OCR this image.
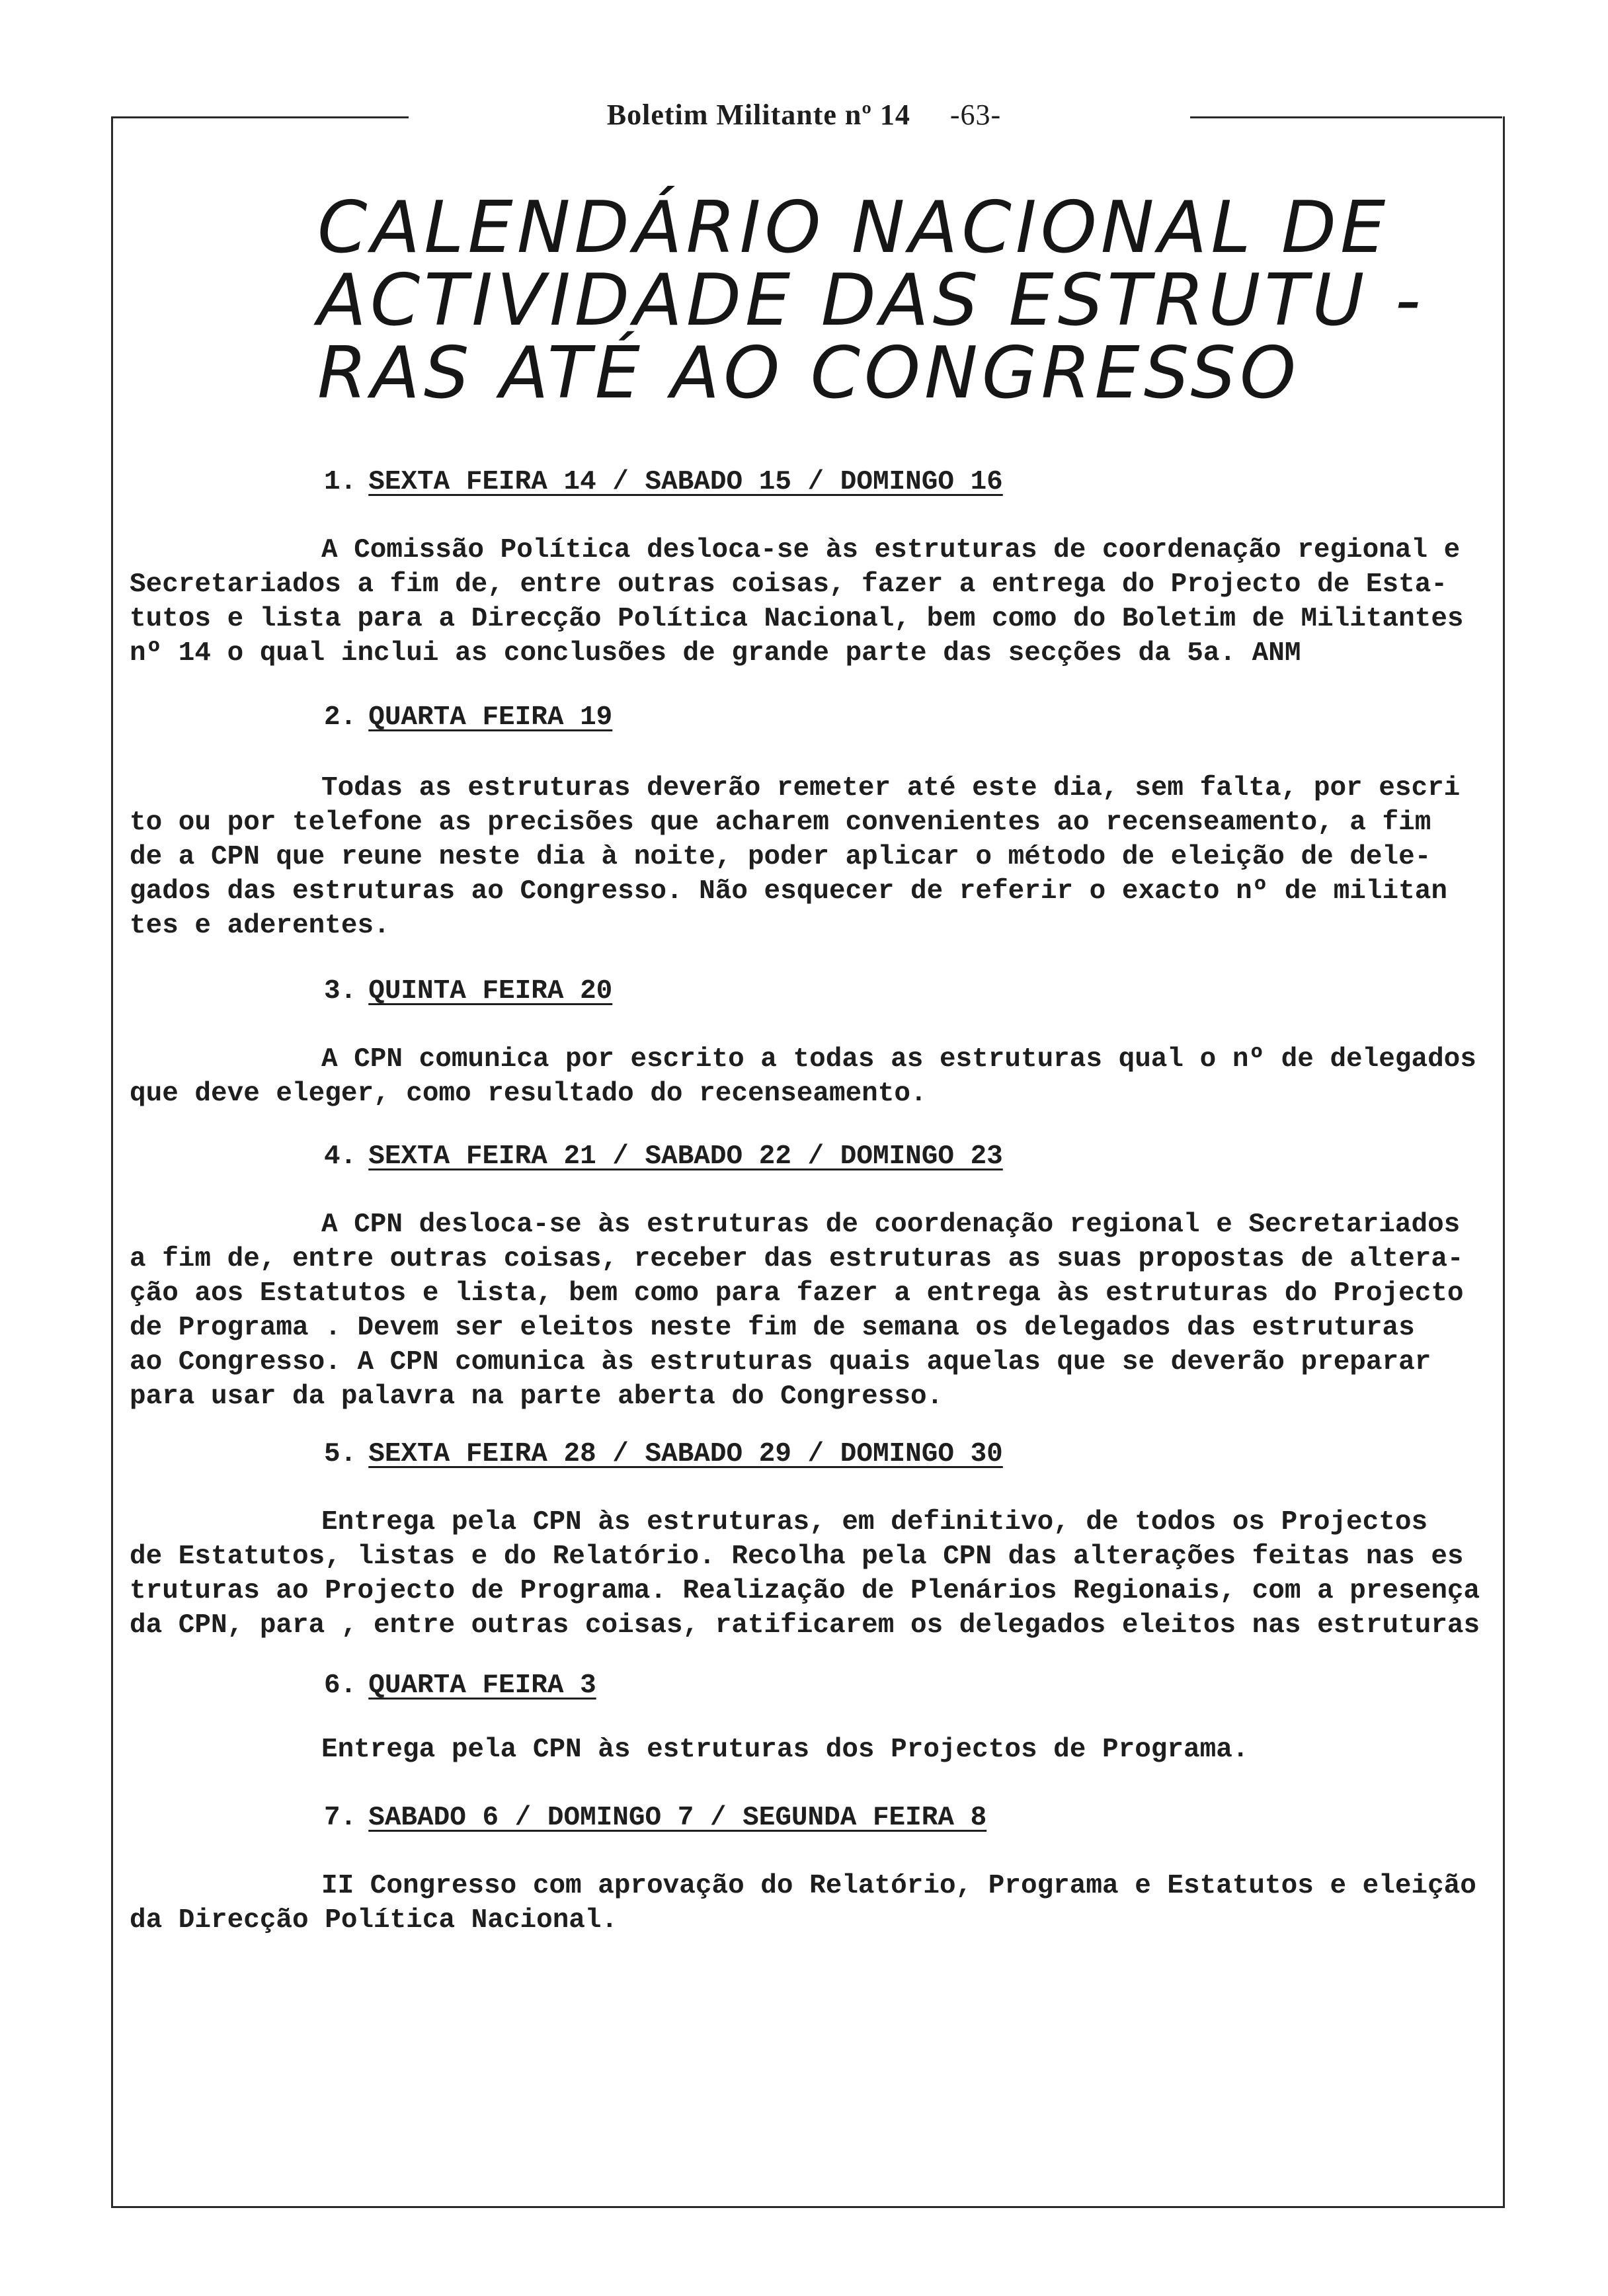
Boletim Militante nº 14 -63-
CALENDÁRIO NACIONAL DE
ACTIVIDADE DAS ESTRUTU -
RAS ATÉ AO CONGRESSO
1. SEXTA FEIRA 14 / SABADO 15 / DOMINGO 16
A Comissão Política desloca-se às estruturas de coordenação regional e
Secretariados a fim de, entre outras coisas, fazer a entrega do Projecto de Esta-
tutos e lista para a Direcção Política Nacional, bem como do Boletim de Militantes
nº 14 o qual inclui as conclusões de grande parte das secções da 5a. ANM
2. QUARTA FEIRA 19
Todas as estruturas deverão remeter até este dia, sem falta, por escri
to ou por telefone as precisões que acharem convenientes ao recenseamento, a fim
de a CPN que reune neste dia à noite, poder aplicar o método de eleição de dele-
gados das estruturas ao Congresso. Não esquecer de referir o exacto nº de militan
tes e aderentes.
3. QUINTA FEIRA 20
A CPN comunica por escrito a todas as estruturas qual o nº de delegados
que deve eleger, como resultado do recenseamento.
4. SEXTA FEIRA 21 / SABADO 22 / DOMINGO 23
A CPN desloca-se às estruturas de coordenação regional e Secretariados
a fim de, entre outras coisas, receber das estruturas as suas propostas de altera-
ção aos Estatutos e lista, bem como para fazer a entrega às estruturas do Projecto
de Programa . Devem ser eleitos neste fim de semana os delegados das estruturas
ao Congresso. A CPN comunica às estruturas quais aquelas que se deverão preparar
para usar da palavra na parte aberta do Congresso.
5. SEXTA FEIRA 28 / SABADO 29 / DOMINGO 30
Entrega pela CPN às estruturas, em definitivo, de todos os Projectos
de Estatutos, listas e do Relatório. Recolha pela CPN das alterações feitas nas es
truturas ao Projecto de Programa. Realização de Plenários Regionais, com a presença
da CPN, para , entre outras coisas, ratificarem os delegados eleitos nas estruturas
6. QUARTA FEIRA 3
Entrega pela CPN às estruturas dos Projectos de Programa.
7. SABADO 6 / DOMINGO 7 / SEGUNDA FEIRA 8
II Congresso com aprovação do Relatório, Programa e Estatutos e eleição
da Direcção Política Nacional.
